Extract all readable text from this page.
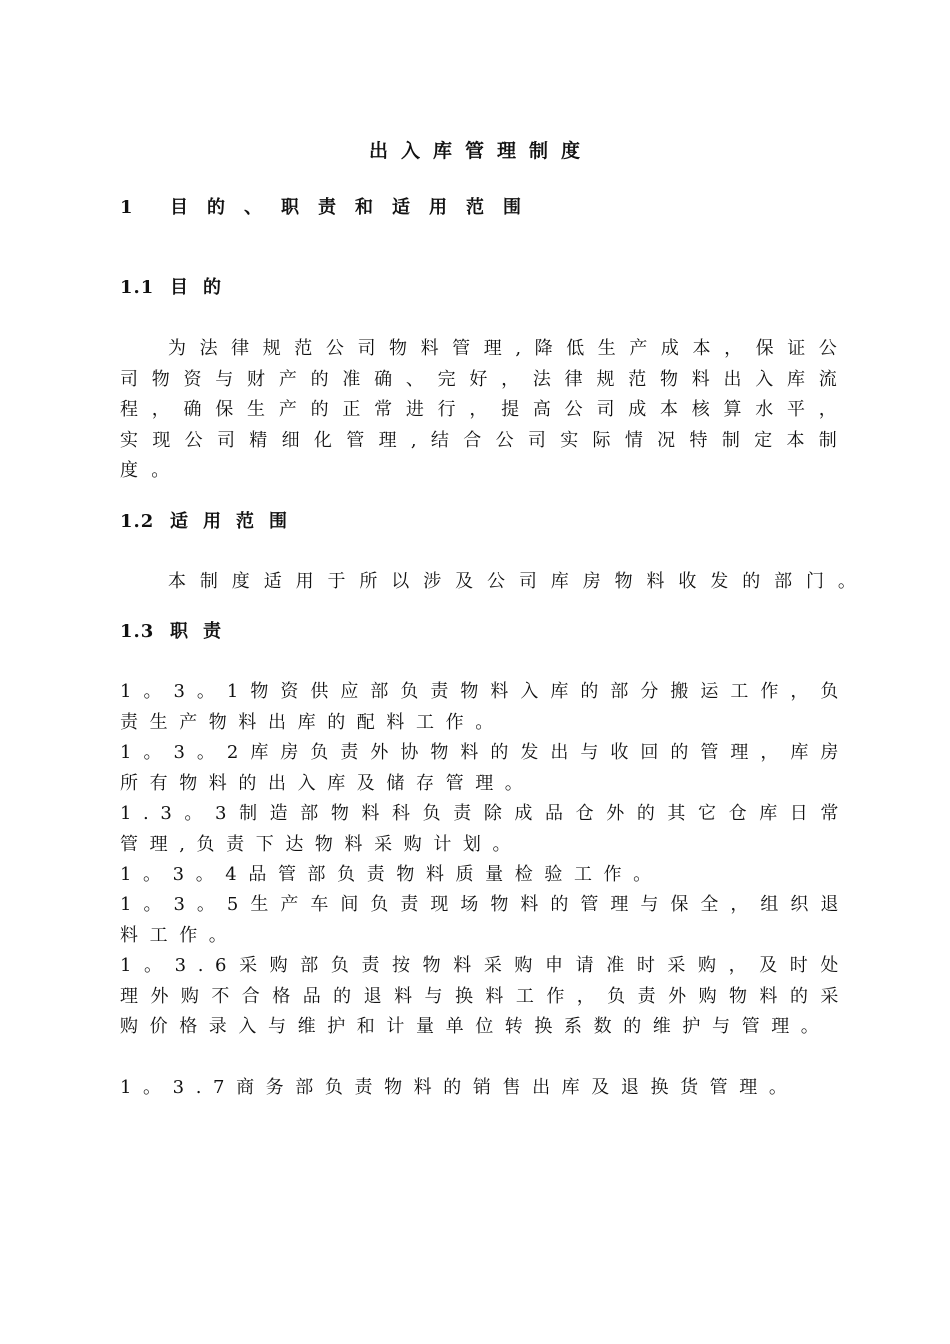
出入库管理制度
1 目的、职责和适用范围
1.1 目的

为法律规范公司物料管理,降低生产成本，保证公司物资与财产的准确、完好，法律规范物料出入库流程，确保生产的正常进行，提高公司成本核算水平，实现公司精细化管理,结合公司实际情况特制定本制度。

1.2 适用范围

本制度适用于所以涉及公司库房物料收发的部门。

1.3 职责

1。3。1物资供应部负责物料入库的部分搬运工作，负责生产物料出库的配料工作。

1。3。2库房负责外协物料的发出与收回的管理，库房所有物料的出入库及储存管理。

1.3。3制造部物料科负责除成品仓外的其它仓库日常管理,负责下达物料采购计划。

1。3。4品管部负责物料质量检验工作。

1。3。5生产车间负责现场物料的管理与保全，组织退料工作。

1。3.6采购部负责按物料采购申请准时采购，及时处理外购不合格品的退料与换料工作，负责外购物料的采购价格录入与维护和计量单位转换系数的维护与管理。

1。3.7商务部负责物料的销售出库及退换货管理。
